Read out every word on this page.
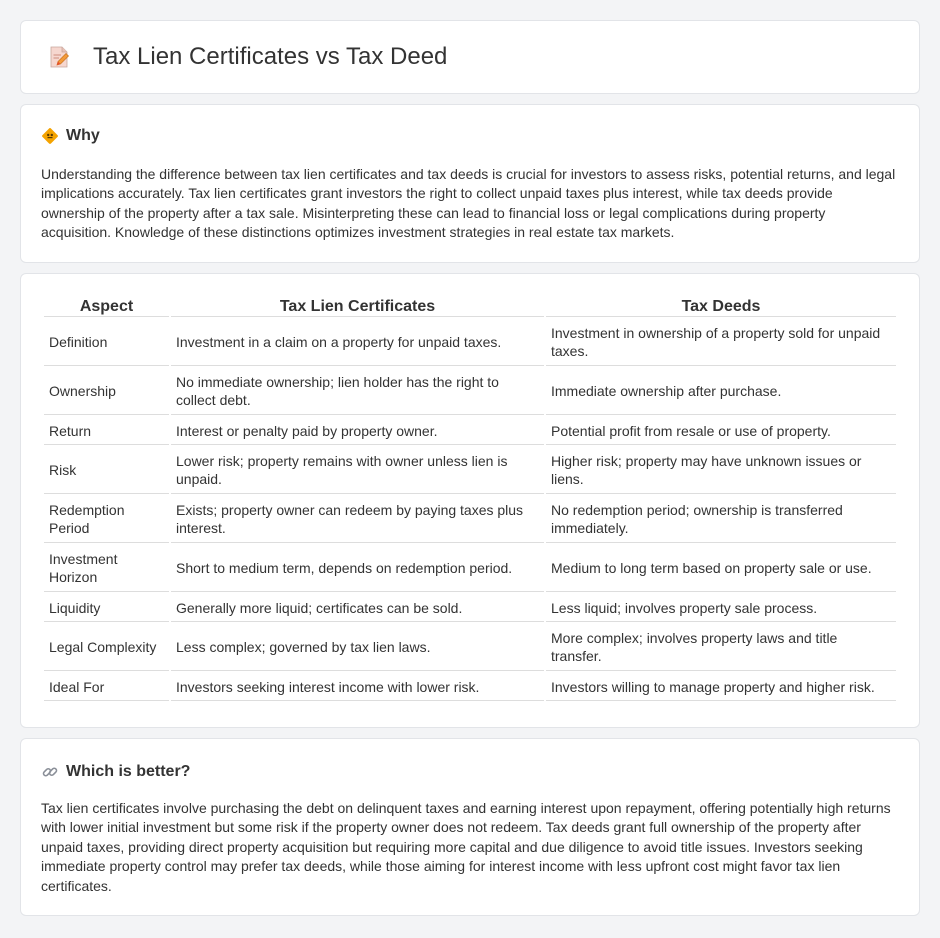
Tax Lien Certificates vs Tax Deed
Why

Understanding the difference between tax lien certificates and tax deeds is crucial for investors to assess risks, potential returns, and legal implications accurately. Tax lien certificates grant investors the right to collect unpaid taxes plus interest, while tax deeds provide ownership of the property after a tax sale. Misinterpreting these can lead to financial loss or legal complications during property acquisition. Knowledge of these distinctions optimizes investment strategies in real estate tax markets.

Aspect	Tax Lien Certificates	Tax Deeds
Definition	Investment in a claim on a property for unpaid taxes.	Investment in ownership of a property sold for unpaid taxes.
Ownership	No immediate ownership; lien holder has the right to collect debt.	Immediate ownership after purchase.
Return	Interest or penalty paid by property owner.	Potential profit from resale or use of property.
Risk	Lower risk; property remains with owner unless lien is unpaid.	Higher risk; property may have unknown issues or liens.
Redemption Period	Exists; property owner can redeem by paying taxes plus interest.	No redemption period; ownership is transferred immediately.
Investment Horizon	Short to medium term, depends on redemption period.	Medium to long term based on property sale or use.
Liquidity	Generally more liquid; certificates can be sold.	Less liquid; involves property sale process.
Legal Complexity	Less complex; governed by tax lien laws.	More complex; involves property laws and title transfer.
Ideal For	Investors seeking interest income with lower risk.	Investors willing to manage property and higher risk.
Which is better?

Tax lien certificates involve purchasing the debt on delinquent taxes and earning interest upon repayment, offering potentially high returns with lower initial investment but some risk if the property owner does not redeem. Tax deeds grant full ownership of the property after unpaid taxes, providing direct property acquisition but requiring more capital and due diligence to avoid title issues. Investors seeking immediate property control may prefer tax deeds, while those aiming for interest income with less upfront cost might favor tax lien certificates.
